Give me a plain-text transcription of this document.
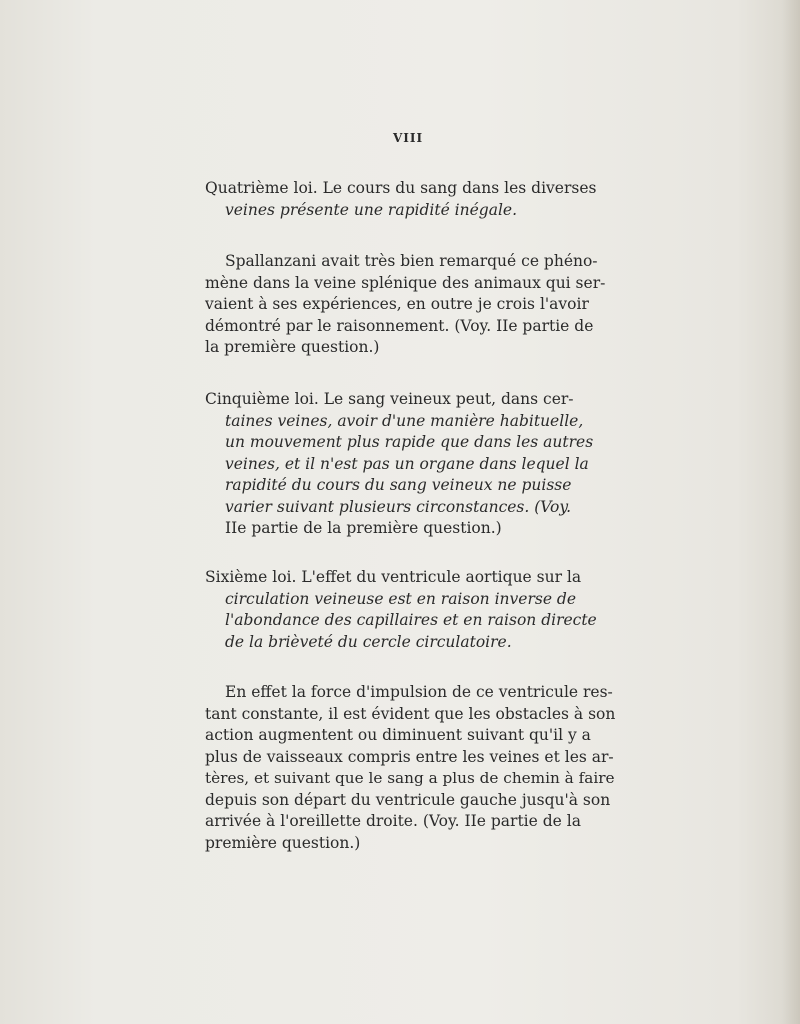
VIII
Quatrième loi. Le cours du sang dans les diverses
veines présente une rapidité inégale.
Spallanzani avait très bien remarqué ce phéno-
mène dans la veine splénique des animaux qui ser-
vaient à ses expériences, en outre je crois l'avoir
démontré par le raisonnement. (Voy. IIe partie de
la première question.)
Cinquième loi. Le sang veineux peut, dans cer-
taines veines, avoir d'une manière habituelle,
un mouvement plus rapide que dans les autres
veines, et il n'est pas un organe dans lequel la
rapidité du cours du sang veineux ne puisse
varier suivant plusieurs circonstances. (Voy.
IIe partie de la première question.)
Sixième loi. L'effet du ventricule aortique sur la
circulation veineuse est en raison inverse de
l'abondance des capillaires et en raison directe
de la brièveté du cercle circulatoire.
En effet la force d'impulsion de ce ventricule res-
tant constante, il est évident que les obstacles à son
action augmentent ou diminuent suivant qu'il y a
plus de vaisseaux compris entre les veines et les ar-
tères, et suivant que le sang a plus de chemin à faire
depuis son départ du ventricule gauche jusqu'à son
arrivée à l'oreillette droite. (Voy. IIe partie de la
première question.)
